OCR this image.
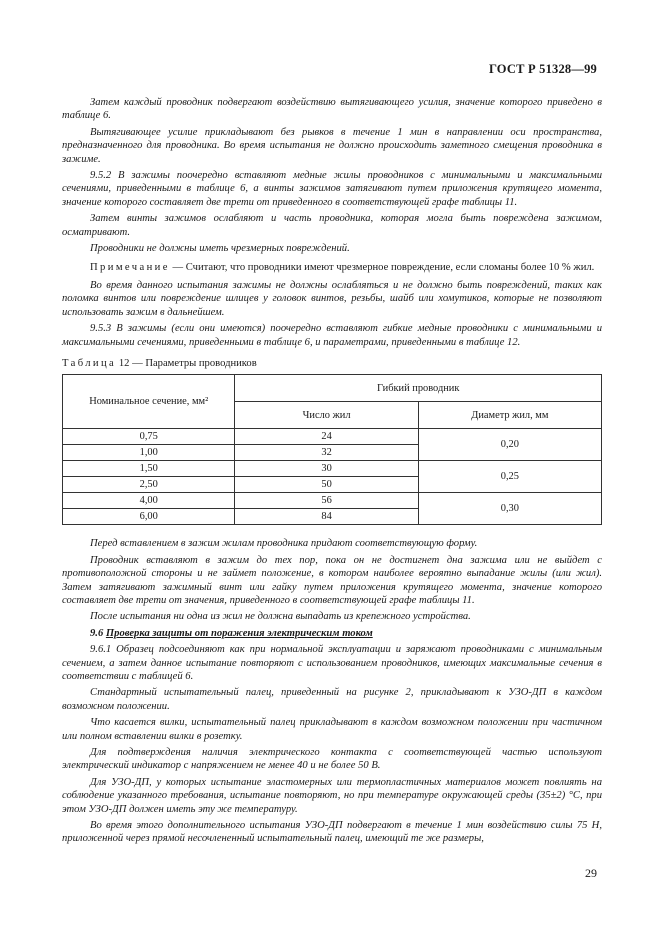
ГОСТ Р 51328—99

Затем каждый проводник подвергают воздействию вытягивающего усилия, значение которого приведено в таблице 6.

Вытягивающее усилие прикладывают без рывков в течение 1 мин в направлении оси пространства, предназначенного для проводника. Во время испытания не должно происходить заметного смещения проводника в зажиме.

9.5.2 В зажимы поочередно вставляют медные жилы проводников с минимальными и максимальными сечениями, приведенными в таблице 6, а винты зажимов затягивают путем приложения крутящего момента, значение которого составляет две трети от приведенного в соответствующей графе таблицы 11.

Затем винты зажимов ослабляют и часть проводника, которая могла быть повреждена зажимом, осматривают.

Проводники не должны иметь чрезмерных повреждений.

Примечание — Считают, что проводники имеют чрезмерное повреждение, если сломаны более 10 % жил.

Во время данного испытания зажимы не должны ослабляться и не должно быть повреждений, таких как поломка винтов или повреждение шлицев у головок винтов, резьбы, шайб или хомутиков, которые не позволяют использовать зажим в дальнейшем.

9.5.3 В зажимы (если они имеются) поочередно вставляют гибкие медные проводники с минимальными и максимальными сечениями, приведенными в таблице 6, и параметрами, приведенными в таблице 12.

Таблица 12 — Параметры проводников

Номинальное сечение, мм²	Гибкий проводник	
	Число жил	Диаметр жил, мм
0,75	24	0,20
1,00	32	
1,50	30	0,25
2,50	50	
4,00	56	0,30
6,00	84	

Перед вставлением в зажим жилам проводника придают соответствующую форму.

Проводник вставляют в зажим до тех пор, пока он не достигнет дна зажима или не выйдет с противоположной стороны и не займет положение, в котором наиболее вероятно выпадание жилы (или жил). Затем затягивают зажимный винт или гайку путем приложения крутящего момента, значение которого составляет две трети от значения, приведенного в соответствующей графе таблицы 11.

После испытания ни одна из жил не должна выпадать из крепежного устройства.

9.6 Проверка защиты от поражения электрическим током

9.6.1 Образец подсоединяют как при нормальной эксплуатации и заряжают проводниками с минимальным сечением, а затем данное испытание повторяют с использованием проводников, имеющих максимальные сечения в соответствии с таблицей 6.

Стандартный испытательный палец, приведенный на рисунке 2, прикладывают к УЗО-ДП в каждом возможном положении.

Что касается вилки, испытательный палец прикладывают в каждом возможном положении при частичном или полном вставлении вилки в розетку.

Для подтверждения наличия электрического контакта с соответствующей частью используют электрический индикатор с напряжением не менее 40 и не более 50 В.

Для УЗО-ДП, у которых испытание эластомерных или термопластичных материалов может повлиять на соблюдение указанного требования, испытание повторяют, но при температуре окружающей среды (35±2) °С, при этом УЗО-ДП должен иметь эту же температуру.

Во время этого дополнительного испытания УЗО-ДП подвергают в течение 1 мин воздействию силы 75 Н, приложенной через прямой несочлененный испытательный палец, имеющий те же размеры,

29
